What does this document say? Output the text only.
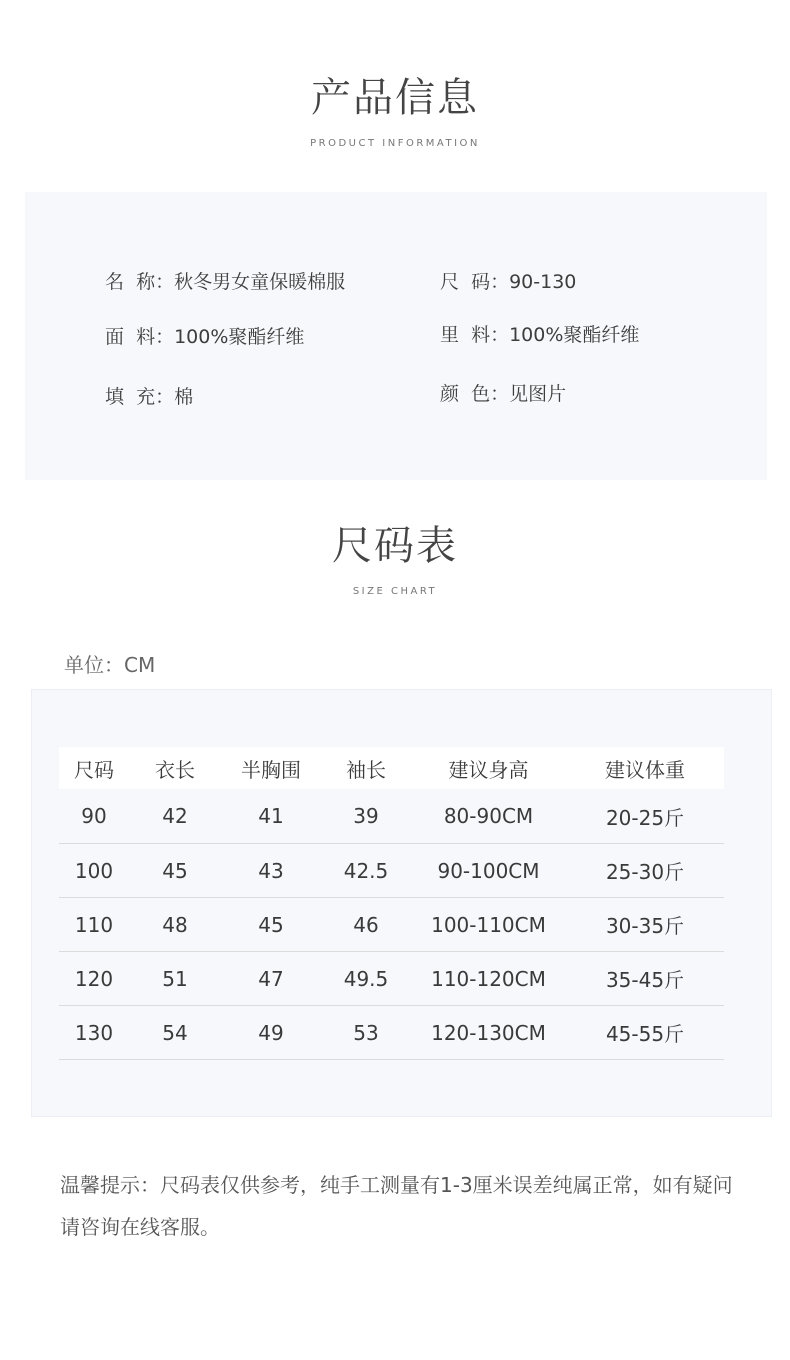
产品信息
PRODUCT INFORMATION
名  称：秋冬男女童保暖棉服	尺  码：90-130
面  料：100%聚酯纤维	里  料：100%聚酯纤维
填  充：棉	颜  色：见图片
尺码表
SIZE CHART
单位：CM
尺码	衣长	半胸围	袖长	建议身高	建议体重
90	42	41	39	80-90CM	20-25斤
100	45	43	42.5	90-100CM	25-30斤
110	48	45	46	100-110CM	30-35斤
120	51	47	49.5	110-120CM	35-45斤
130	54	49	53	120-130CM	45-55斤
温馨提示：尺码表仅供参考，纯手工测量有1-3厘米误差纯属正常，如有疑问请咨询在线客服。
